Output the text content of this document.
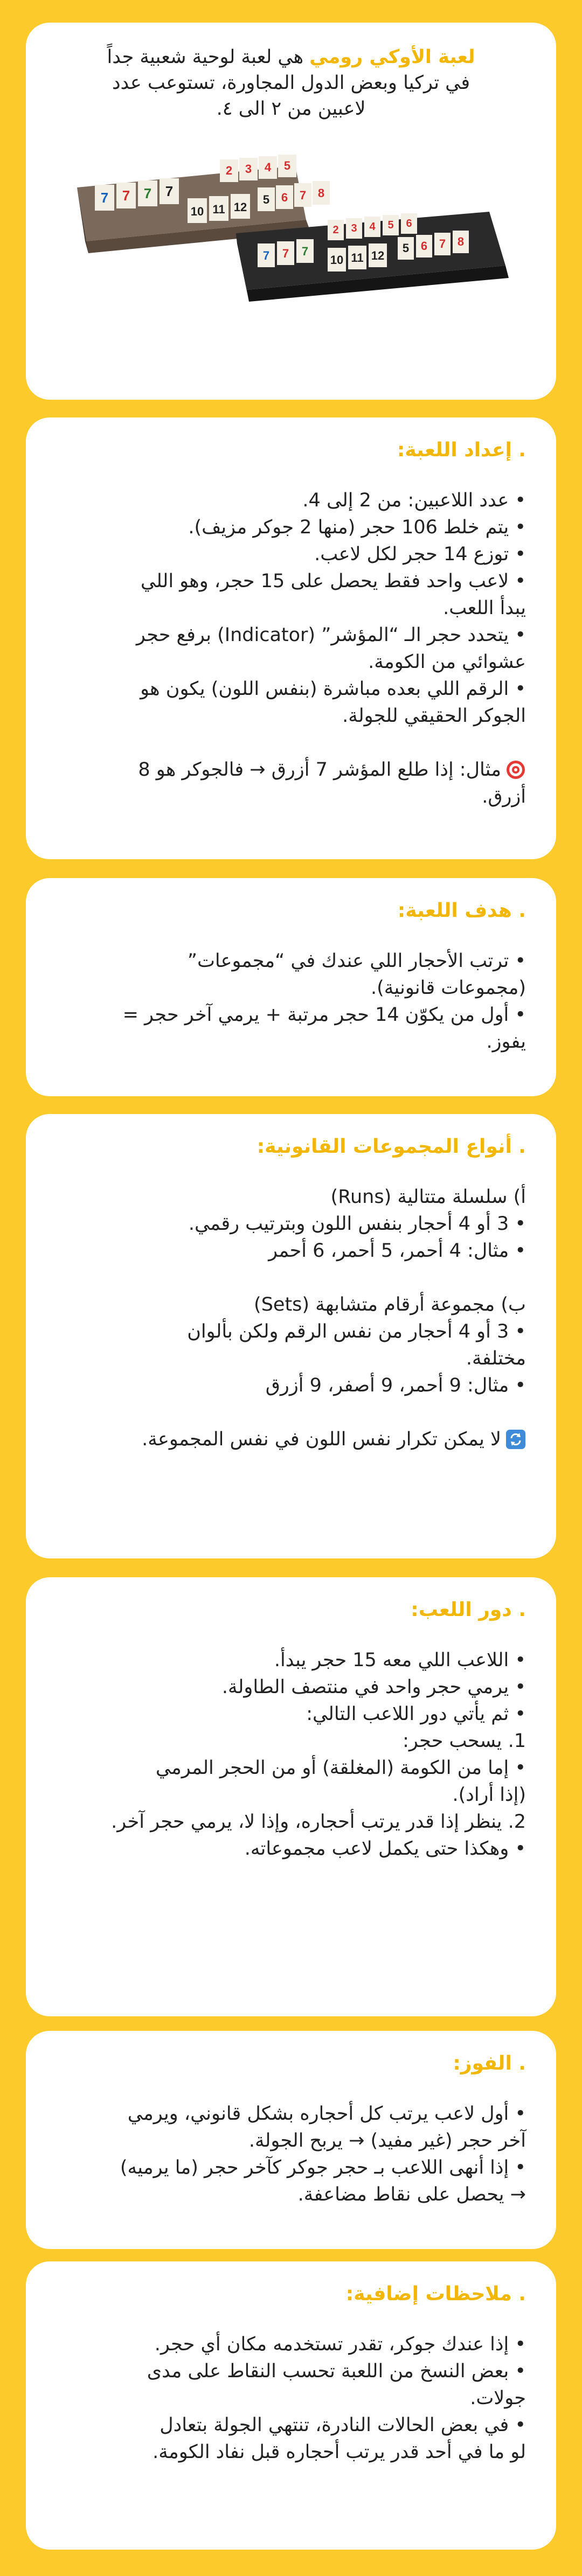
لعبة الأوكي رومي هي لعبة لوحية شعبية جداً
في تركيا وبعض الدول المجاورة، تستوعب عدد
لاعبين من ٢ الى ٤.

2 3 4 5
7 7 7 7
10 11 12
5 6 7 8
2 3 4 5 6
7 7 7
10 11 12
5 6 7 8
. إعداد اللعبة:
• عدد اللاعبين: من 2 إلى 4.
• يتم خلط 106 حجر (منها 2 جوكر مزيف).
• توزع 14 حجر لكل لاعب.
• لاعب واحد فقط يحصل على 15 حجر، وهو اللي
يبدأ اللعب.
• يتحدد حجر الـ “المؤشر” (Indicator) برفع حجر
عشوائي من الكومة.
• الرقم اللي بعده مباشرة (بنفس اللون) يكون هو
الجوكر الحقيقي للجولة.
مثال: إذا طلع المؤشر 7 أزرق → فالجوكر هو 8
أزرق.
. هدف اللعبة:
• ترتب الأحجار اللي عندك في “مجموعات”
(مجموعات قانونية).
• أول من يكوّن 14 حجر مرتبة + يرمي آخر حجر =
يفوز.
. أنواع المجموعات القانونية:
أ) سلسلة متتالية (Runs)
• 3 أو 4 أحجار بنفس اللون وبترتيب رقمي.
• مثال: 4 أحمر، 5 أحمر، 6 أحمر
ب) مجموعة أرقام متشابهة (Sets)
• 3 أو 4 أحجار من نفس الرقم ولكن بألوان
مختلفة.
• مثال: 9 أحمر، 9 أصفر، 9 أزرق
لا يمكن تكرار نفس اللون في نفس المجموعة.
. دور اللعب:
• اللاعب اللي معه 15 حجر يبدأ.
• يرمي حجر واحد في منتصف الطاولة.
• ثم يأتي دور اللاعب التالي:
1. يسحب حجر:
• إما من الكومة (المغلقة) أو من الحجر المرمي
(إذا أراد).
2. ينظر إذا قدر يرتب أحجاره، وإذا لا، يرمي حجر آخر.
• وهكذا حتى يكمل لاعب مجموعاته.
. الفوز:
• أول لاعب يرتب كل أحجاره بشكل قانوني، ويرمي
آخر حجر (غير مفيد) → يربح الجولة.
• إذا أنهى اللاعب بـ حجر جوكر كآخر حجر (ما يرميه)
→ يحصل على نقاط مضاعفة.
. ملاحظات إضافية:
• إذا عندك جوكر، تقدر تستخدمه مكان أي حجر.
• بعض النسخ من اللعبة تحسب النقاط على مدى
جولات.
• في بعض الحالات النادرة، تنتهي الجولة بتعادل
لو ما في أحد قدر يرتب أحجاره قبل نفاد الكومة.
